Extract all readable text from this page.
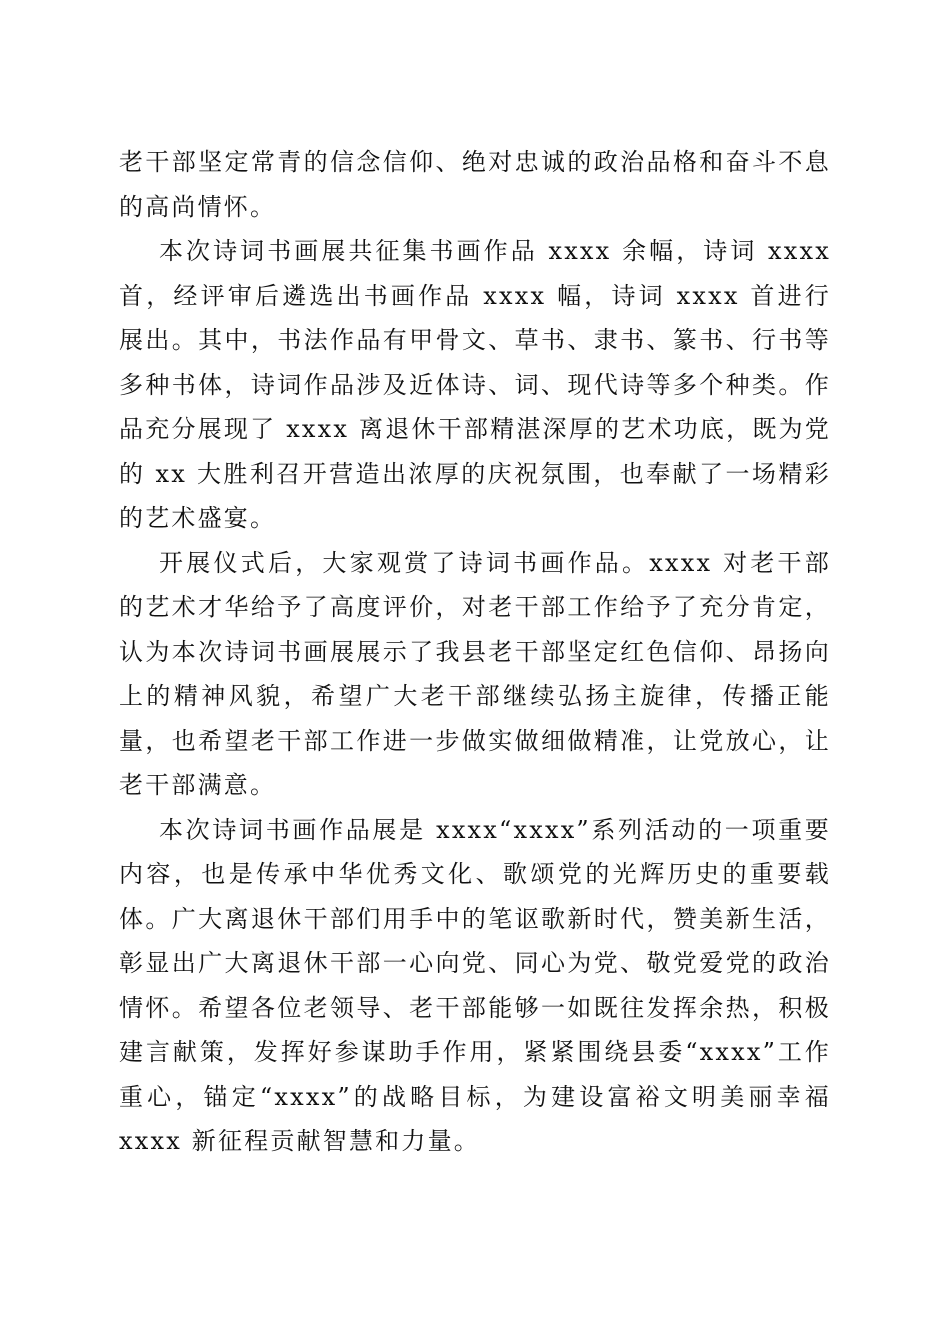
老干部坚定常青的信念信仰、绝对忠诚的政治品格和奋斗不息的高尚情怀。

本次诗词书画展共征集书画作品 xxxx 余幅，诗词 xxxx 首，经评审后遴选出书画作品 xxxx 幅，诗词 xxxx 首进行展出。其中，书法作品有甲骨文、草书、隶书、篆书、行书等多种书体，诗词作品涉及近体诗、词、现代诗等多个种类。作品充分展现了 xxxx 离退休干部精湛深厚的艺术功底，既为党的 xx 大胜利召开营造出浓厚的庆祝氛围，也奉献了一场精彩的艺术盛宴。

开展仪式后，大家观赏了诗词书画作品。xxxx 对老干部的艺术才华给予了高度评价，对老干部工作给予了充分肯定，认为本次诗词书画展展示了我县老干部坚定红色信仰、昂扬向上的精神风貌，希望广大老干部继续弘扬主旋律，传播正能量，也希望老干部工作进一步做实做细做精准，让党放心，让老干部满意。

本次诗词书画作品展是 xxxx“xxxx”系列活动的一项重要内容，也是传承中华优秀文化、歌颂党的光辉历史的重要载体。广大离退休干部们用手中的笔讴歌新时代，赞美新生活，彰显出广大离退休干部一心向党、同心为党、敬党爱党的政治情怀。希望各位老领导、老干部能够一如既往发挥余热，积极建言献策，发挥好参谋助手作用，紧紧围绕县委“xxxx”工作重心，锚定“xxxx”的战略目标，为建设富裕文明美丽幸福 xxxx 新征程贡献智慧和力量。
